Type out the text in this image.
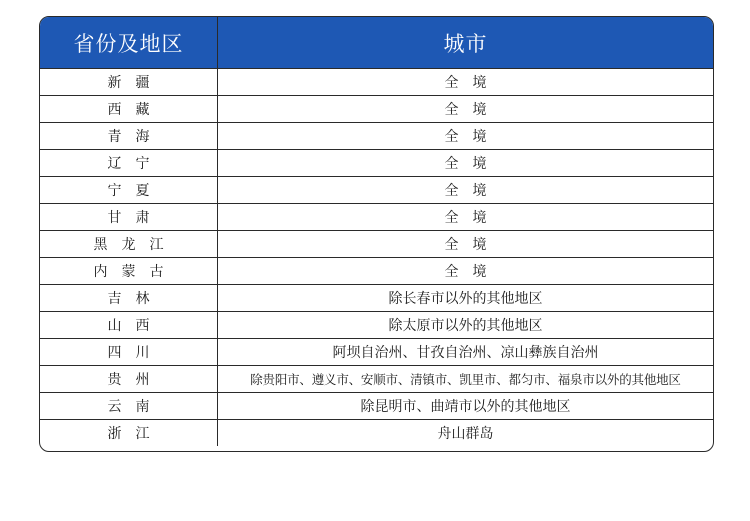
省份及地区	城市
新疆	全境
西藏	全境
青海	全境
辽宁	全境
宁夏	全境
甘肃	全境
黑龙江	全境
内蒙古	全境
吉林	除长春市以外的其他地区
山西	除太原市以外的其他地区
四川	阿坝自治州、甘孜自治州、凉山彝族自治州
贵州	除贵阳市、遵义市、安顺市、清镇市、凯里市、都匀市、福泉市以外的其他地区
云南	除昆明市、曲靖市以外的其他地区
浙江	舟山群岛
